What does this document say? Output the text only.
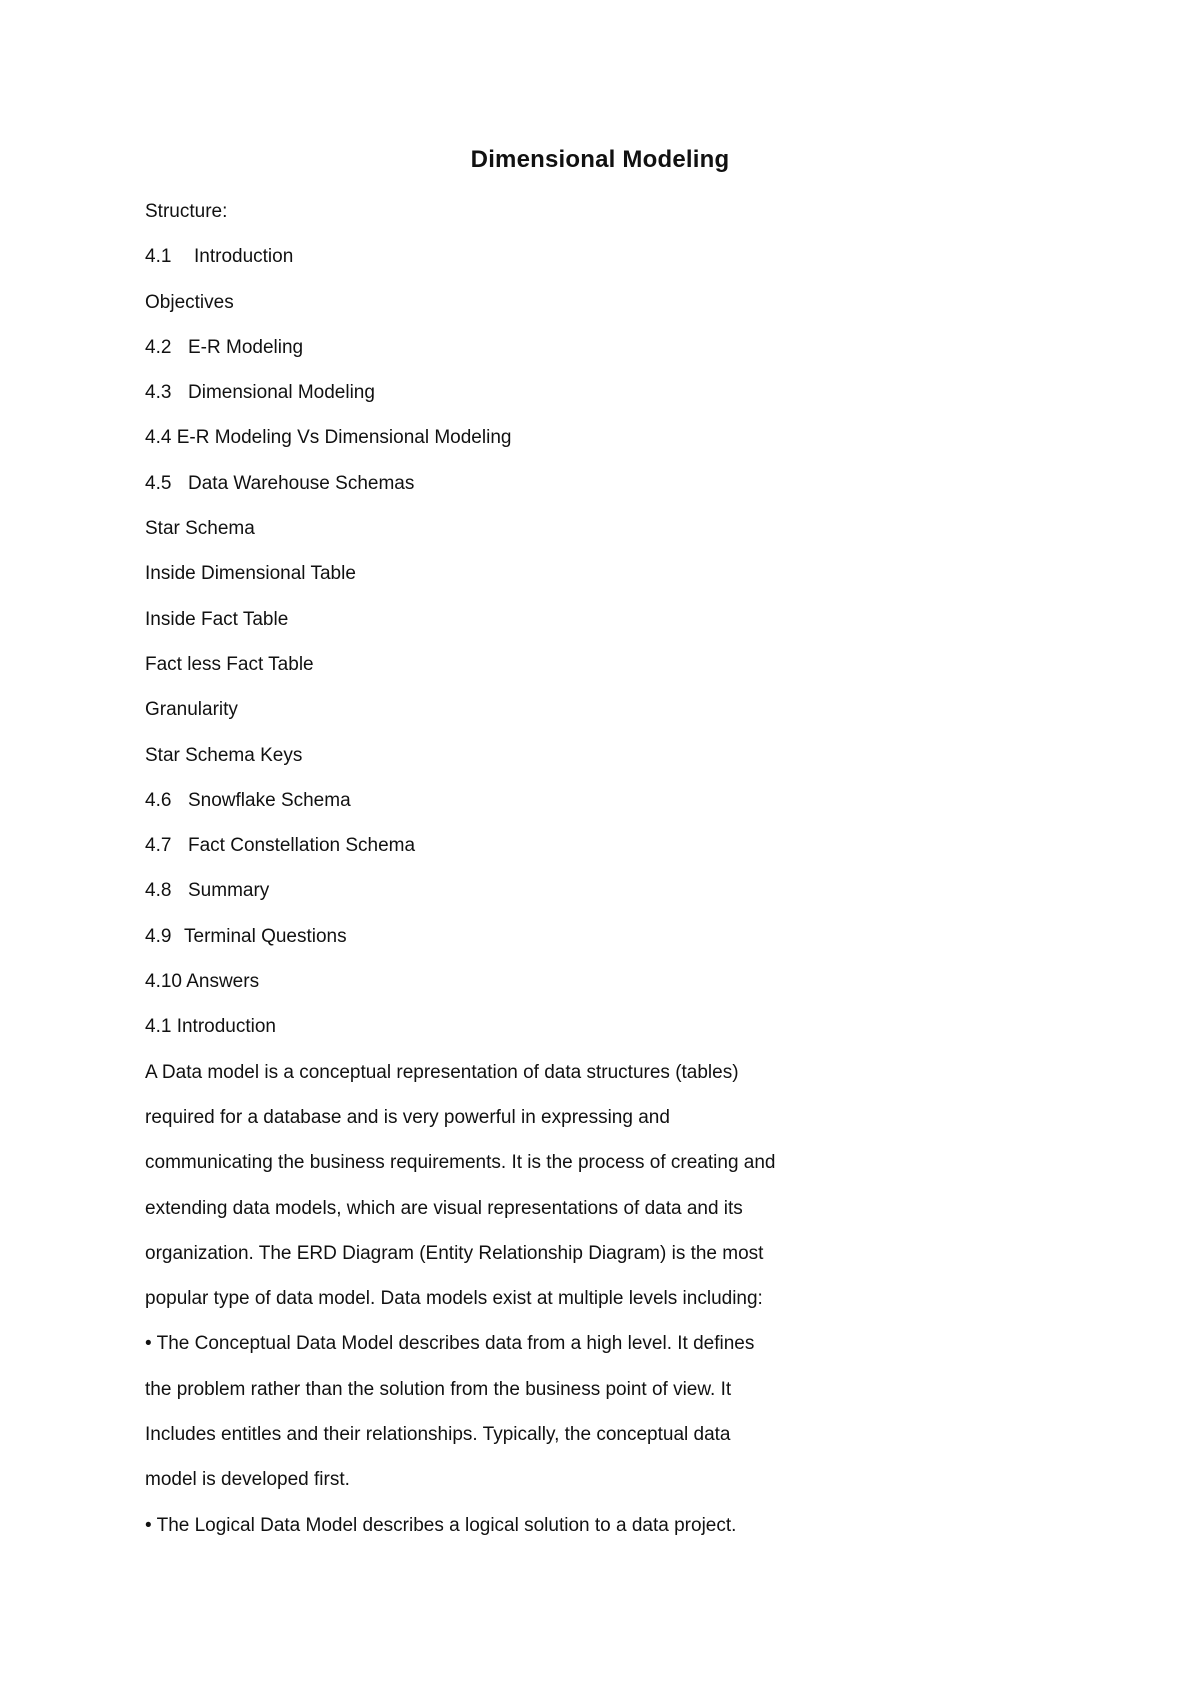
Dimensional Modeling
Structure:
4.1 Introduction
Objectives
4.2 E-R Modeling
4.3 Dimensional Modeling
4.4 E-R Modeling Vs Dimensional Modeling
4.5 Data Warehouse Schemas
Star Schema
Inside Dimensional Table
Inside Fact Table
Fact less Fact Table
Granularity
Star Schema Keys
4.6 Snowflake Schema
4.7 Fact Constellation Schema
4.8 Summary
4.9 Terminal Questions
4.10 Answers
4.1 Introduction
A Data model is a conceptual representation of data structures (tables)
required for a database and is very powerful in expressing and
communicating the business requirements. It is the process of creating and
extending data models, which are visual representations of data and its
organization. The ERD Diagram (Entity Relationship Diagram) is the most
popular type of data model. Data models exist at multiple levels including:
• The Conceptual Data Model describes data from a high level. It defines
the problem rather than the solution from the business point of view. It
Includes entitles and their relationships. Typically, the conceptual data
model is developed first.
• The Logical Data Model describes a logical solution to a data project.
